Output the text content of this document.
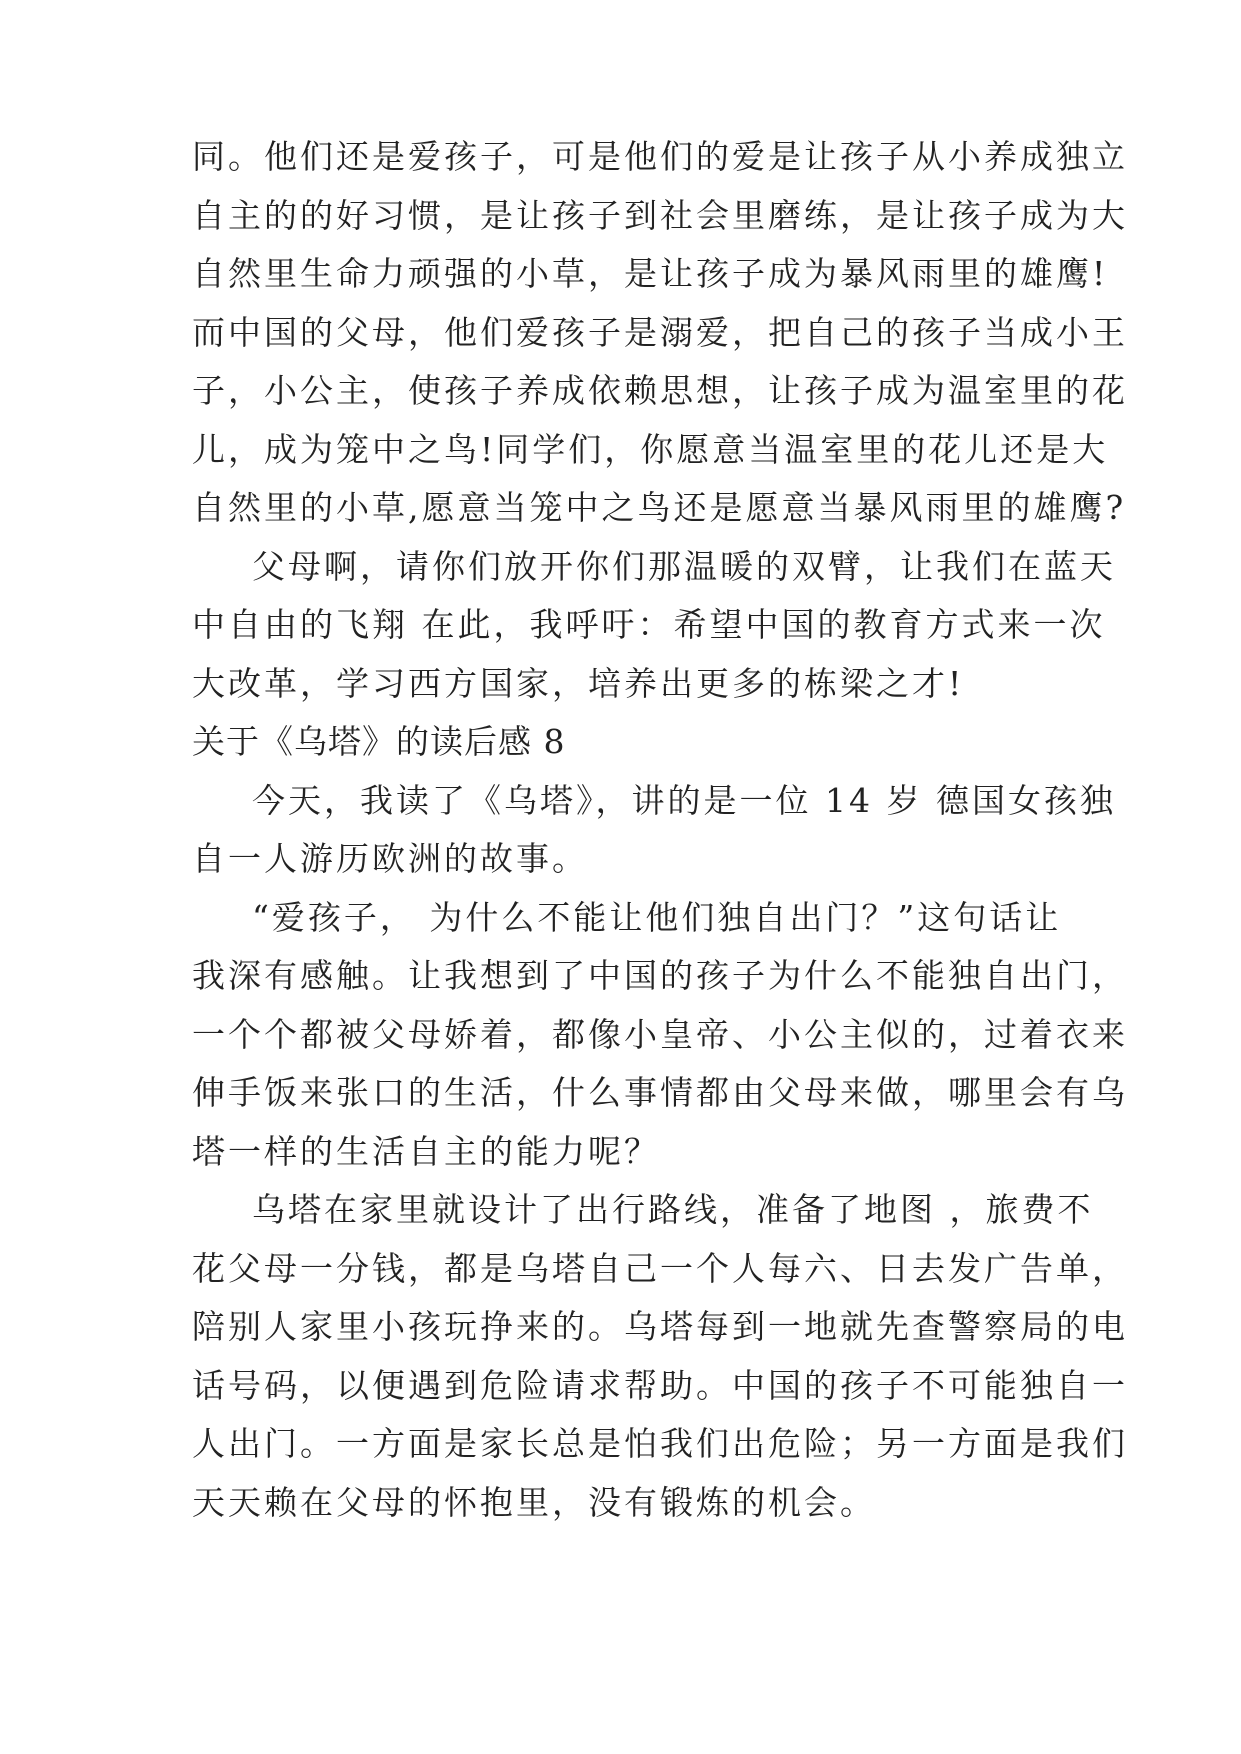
同。他们还是爱孩子，可是他们的爱是让孩子从小养成独立
自主的的好习惯，是让孩子到社会里磨练，是让孩子成为大
自然里生命力顽强的小草，是让孩子成为暴风雨里的雄鹰!
而中国的父母，他们爱孩子是溺爱，把自己的孩子当成小王
子，小公主，使孩子养成依赖思想，让孩子成为温室里的花
儿，成为笼中之鸟!同学们，你愿意当温室里的花儿还是大
自然里的小草,愿意当笼中之鸟还是愿意当暴风雨里的雄鹰?
父母啊，请你们放开你们那温暖的双臂，让我们在蓝天
中自由的飞翔 在此，我呼吁：希望中国的教育方式来一次
大改革，学习西方国家，培养出更多的栋梁之才!
关于《乌塔》的读后感 8
今天，我读了《乌塔》，讲的是一位 14 岁 德国女孩独
自一人游历欧洲的故事。
“爱孩子， 为什么不能让他们独自出门？”这句话让
我深有感触。让我想到了中国的孩子为什么不能独自出门，
一个个都被父母娇着，都像小皇帝、小公主似的，过着衣来
伸手饭来张口的生活，什么事情都由父母来做，哪里会有乌
塔一样的生活自主的能力呢？
乌塔在家里就设计了出行路线，准备了地图 ，旅费不
花父母一分钱，都是乌塔自己一个人每六、日去发广告单，
陪别人家里小孩玩挣来的。乌塔每到一地就先查警察局的电
话号码，以便遇到危险请求帮助。中国的孩子不可能独自一
人出门。一方面是家长总是怕我们出危险；另一方面是我们
天天赖在父母的怀抱里，没有锻炼的机会。
